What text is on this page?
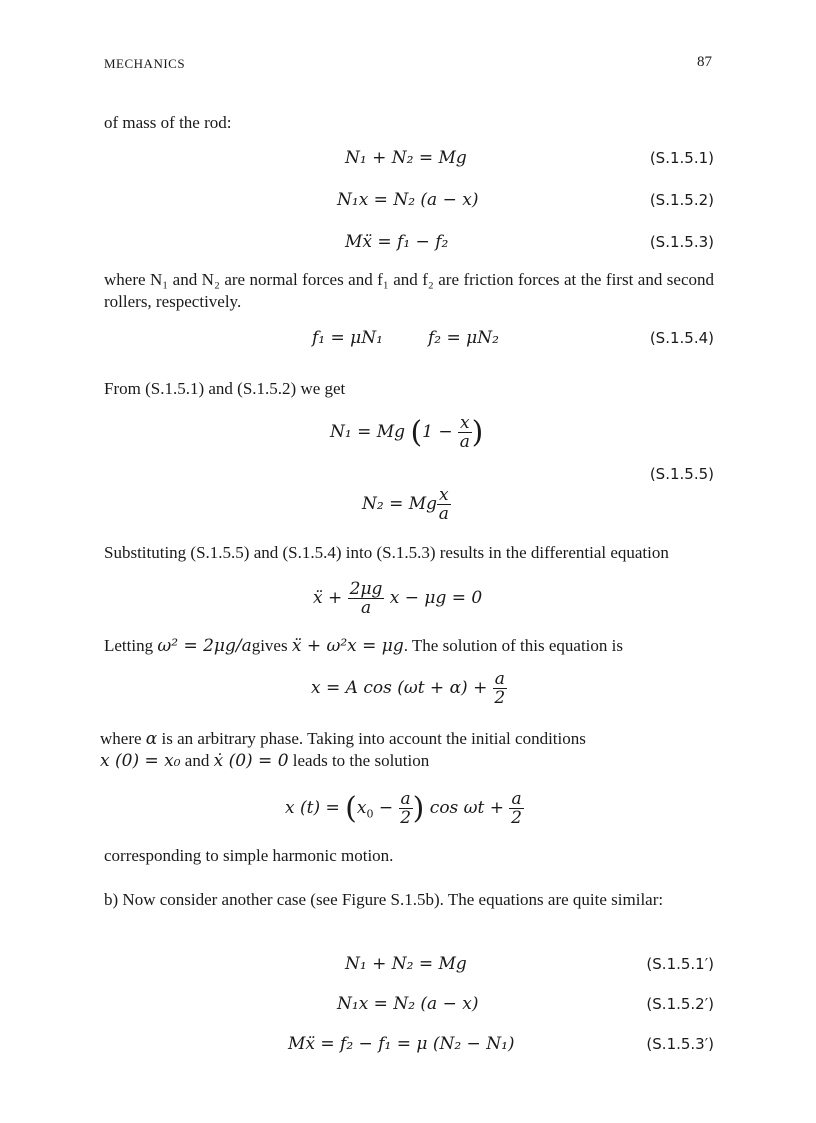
MECHANICS	87
of mass of the rod:
N₁ + N₂ = Mg	(S.1.5.1)
N₁x = N₂ (a − x)	(S.1.5.2)
Mẍ = f₁ − f₂	(S.1.5.3)
where N₁ and N₂ are normal forces and f₁ and f₂ are friction forces at the first and second rollers, respectively.
f₁ = μN₁	f₂ = μN₂	(S.1.5.4)
From (S.1.5.1) and (S.1.5.2) we get
N₁ = Mg ($1 - \frac{x}{a}$ )
(S.1.5.5)
N₂ = Mg $\frac{x}{a}$
Substituting (S.1.5.5) and (S.1.5.4) into (S.1.5.3) results in the differential equation
ẍ + $\frac{2\mu g}{a}$ x − μg = 0
Letting ω² = 2μg/agives ẍ + ω²x = μg. The solution of this equation is
x = A $\cos (\omega t + \alpha) + \frac{a}{2}$
where α is an arbitrary phase. Taking into account the initial conditions
x (0) = x₀ and ẋ (0) = 0 leads to the solution
x $(t) = (x_0 - \frac{a}{2}$ ) $\cos \omega t + \frac{a}{2}$
corresponding to simple harmonic motion.
b) Now consider another case (see Figure S.1.5b). The equations are quite similar:
N₁ + N₂ = Mg	(S.1.5.1′)
N₁x = N₂ (a − x)	(S.1.5.2′)
Mẍ = f₂ − f₁ = μ (N₂ − N₁)	(S.1.5.3′)
